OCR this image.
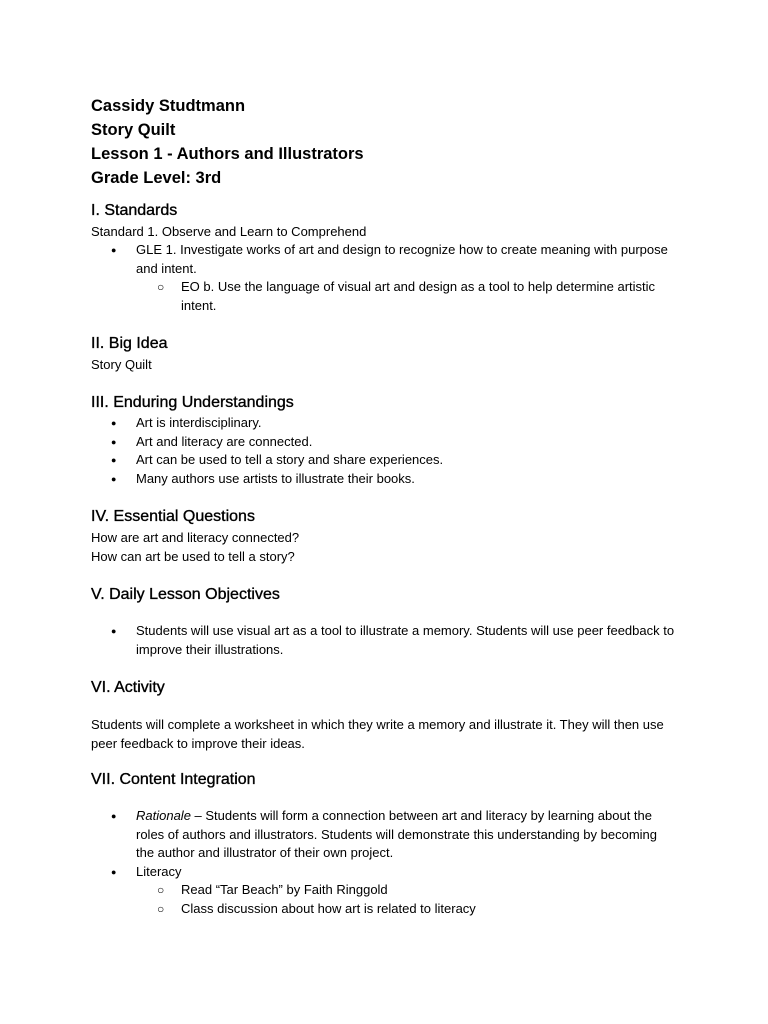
Cassidy Studtmann

Story Quilt

Lesson 1 - Authors and Illustrators

Grade Level: 3rd

I. Standards

Standard 1. Observe and Learn to Comprehend

● GLE 1. Investigate works of art and design to recognize how to create meaning with purpose and intent.
○ EO b. Use the language of visual art and design as a tool to help determine artistic intent.

II. Big Idea

Story Quilt

III. Enduring Understandings

● Art is interdisciplinary.
● Art and literacy are connected.
● Art can be used to tell a story and share experiences.
● Many authors use artists to illustrate their books.

IV. Essential Questions

How are art and literacy connected?

How can art be used to tell a story?

V. Daily Lesson Objectives

● Students will use visual art as a tool to illustrate a memory. Students will use peer feedback to improve their illustrations.

VI. Activity

Students will complete a worksheet in which they write a memory and illustrate it. They will then use peer feedback to improve their ideas.

VII. Content Integration

● Rationale – Students will form a connection between art and literacy by learning about the roles of authors and illustrators. Students will demonstrate this understanding by becoming the author and illustrator of their own project.
● Literacy
○ Read “Tar Beach” by Faith Ringgold
○ Class discussion about how art is related to literacy
